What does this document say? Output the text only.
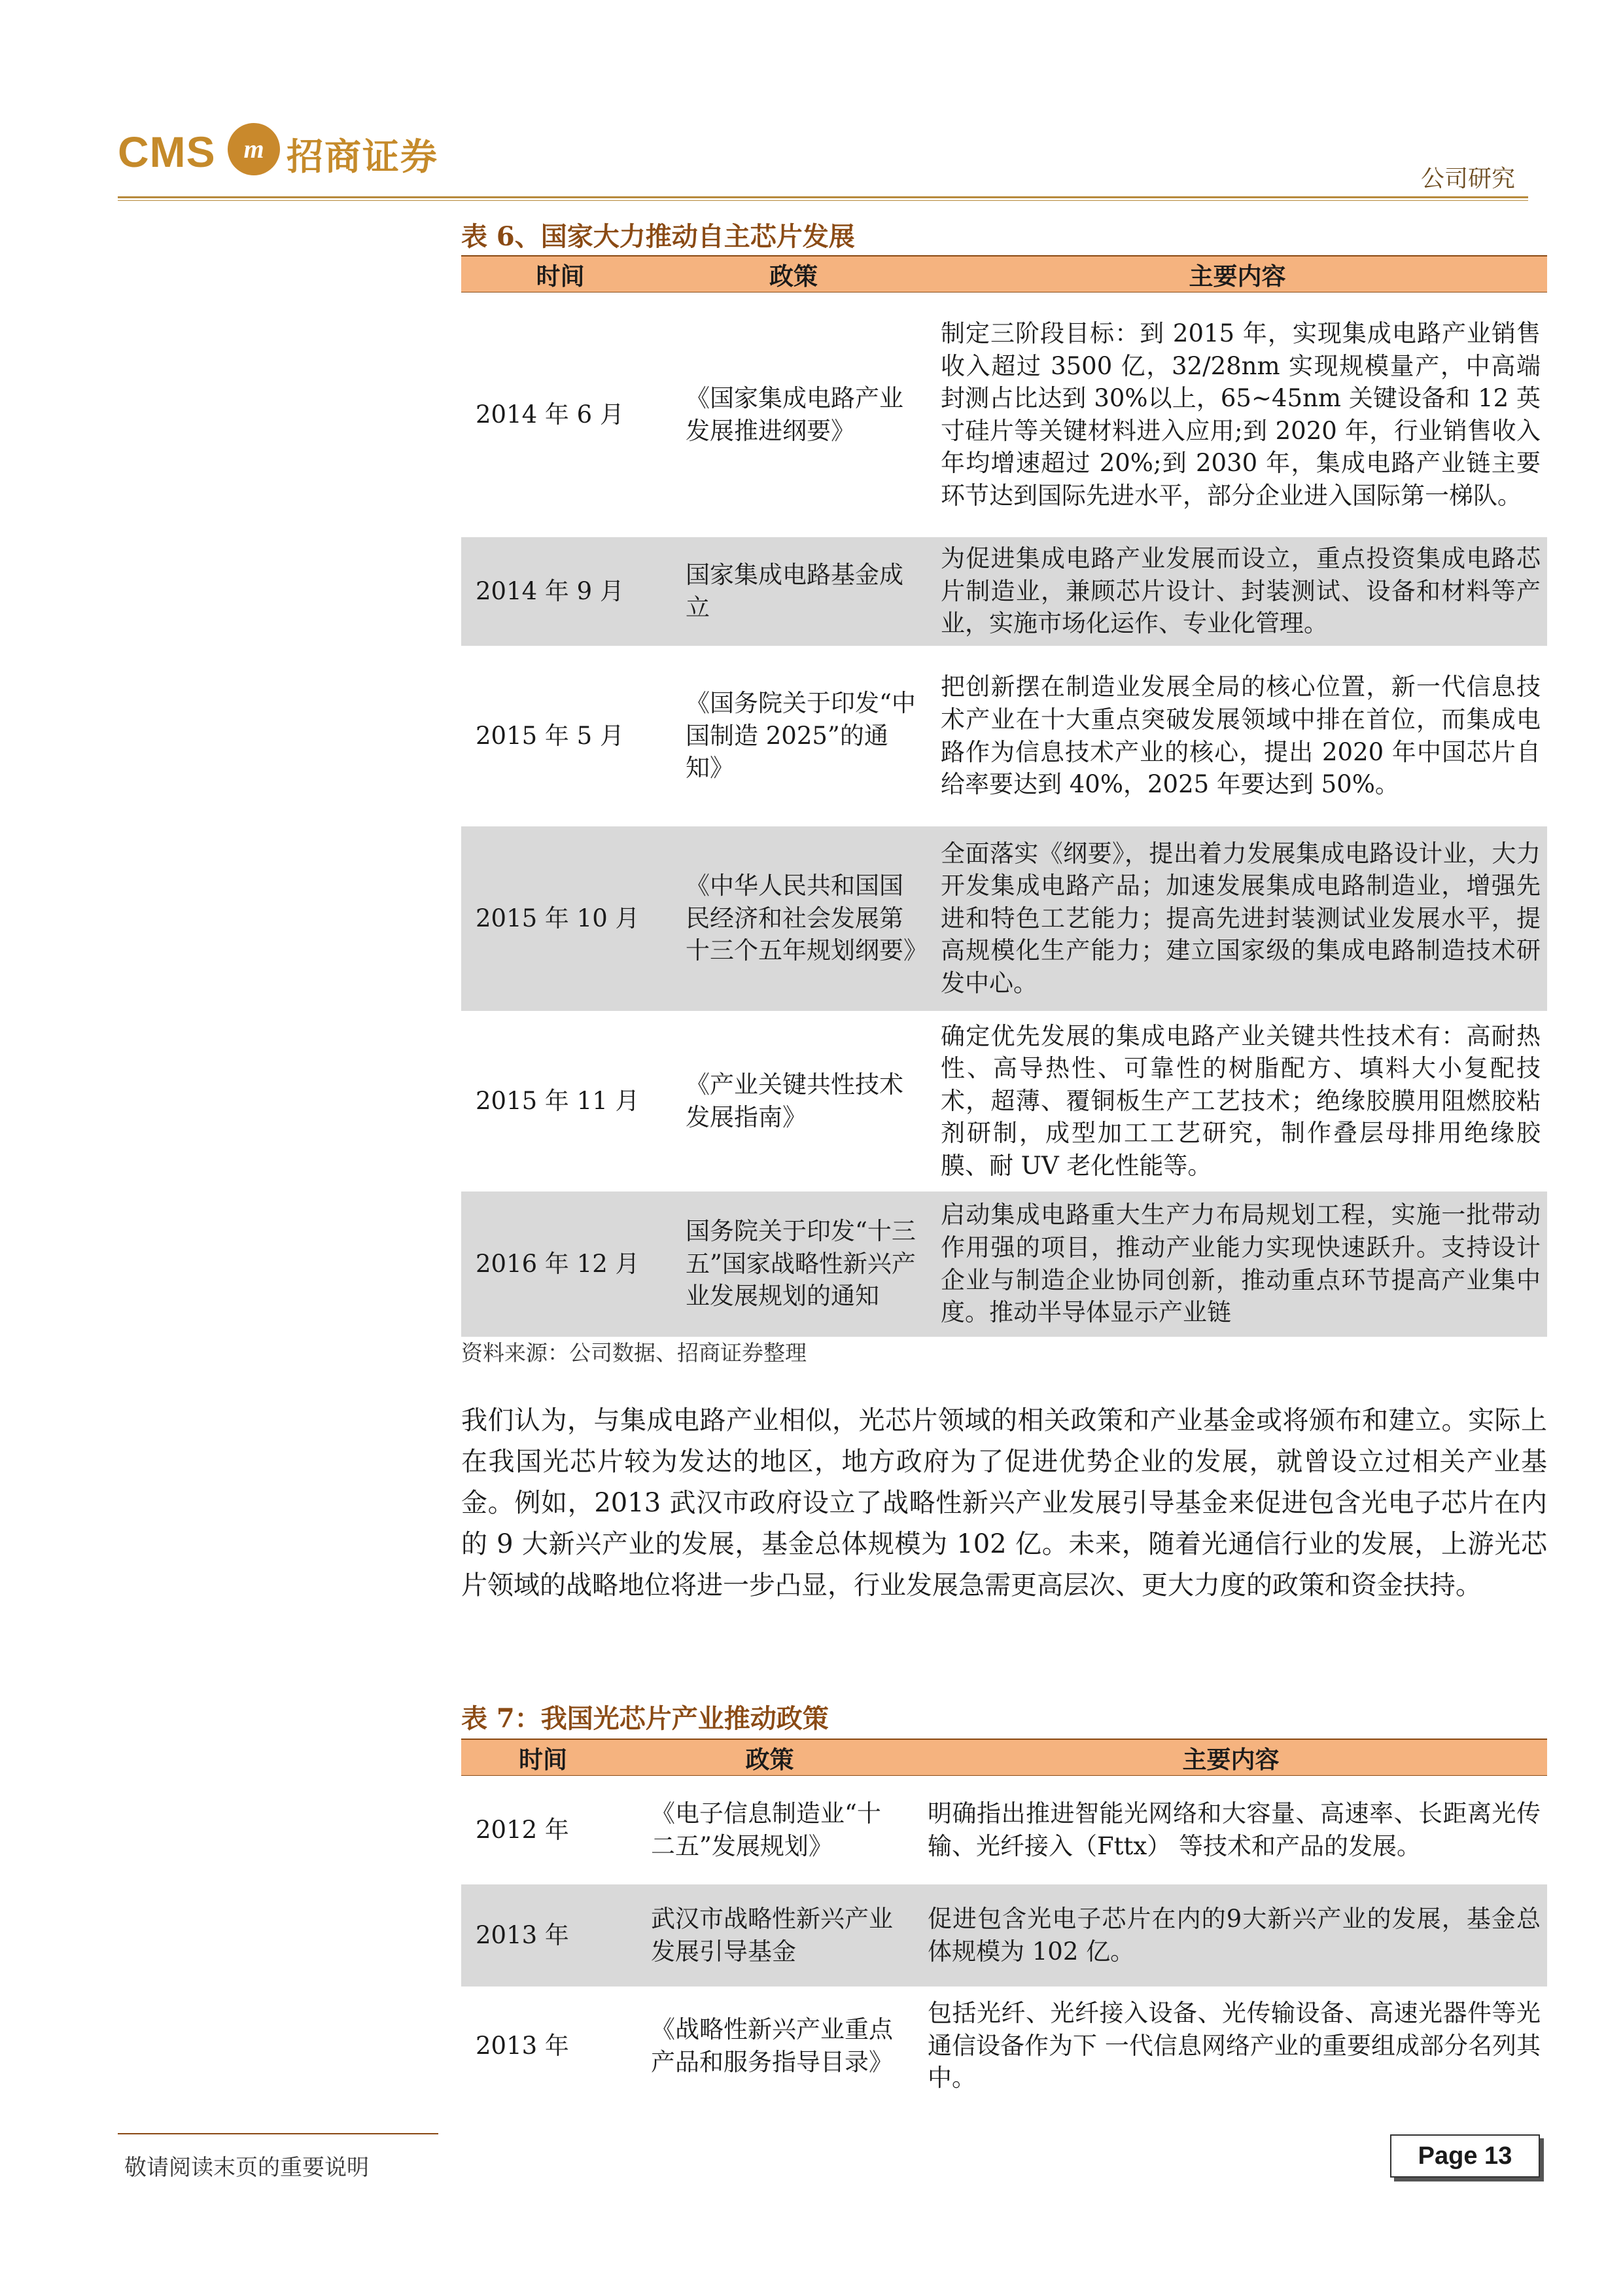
CMS	m 招商证券
公司研究
表 6、国家大力推动自主芯片发展
时间	政策	主要内容
2014 年 6 月	《国家集成电路产业发展推进纲要》	制定三阶段目标：到 2015 年，实现集成电路产业销售收入超过 3500 亿，32/28nm 实现规模量产，中高端封测占比达到 30%以上，65~45nm 关键设备和 12 英寸硅片等关键材料进入应用;到 2020 年，行业销售收入年均增速超过 20%;到 2030 年，集成电路产业链主要环节达到国际先进水平，部分企业进入国际第一梯队。
2014 年 9 月	国家集成电路基金成立	为促进集成电路产业发展而设立，重点投资集成电路芯片制造业，兼顾芯片设计、封装测试、设备和材料等产业，实施市场化运作、专业化管理。
2015 年 5 月	《国务院关于印发“中国制造 2025”的通知》	把创新摆在制造业发展全局的核心位置，新一代信息技术产业在十大重点突破发展领域中排在首位，而集成电路作为信息技术产业的核心，提出 2020 年中国芯片自给率要达到 40%，2025 年要达到 50%。
2015 年 10 月	《中华人民共和国国民经济和社会发展第十三个五年规划纲要》	全面落实《纲要》，提出着力发展集成电路设计业，大力开发集成电路产品；加速发展集成电路制造业，增强先进和特色工艺能力；提高先进封装测试业发展水平，提高规模化生产能力；建立国家级的集成电路制造技术研发中心。
2015 年 11 月	《产业关键共性技术发展指南》	确定优先发展的集成电路产业关键共性技术有：高耐热性、高导热性、可靠性的树脂配方、填料大小复配技术，超薄、覆铜板生产工艺技术；绝缘胶膜用阻燃胶粘剂研制，成型加工工艺研究，制作叠层母排用绝缘胶膜、耐 UV 老化性能等。
2016 年 12 月	国务院关于印发“十三五”国家战略性新兴产业发展规划的通知	启动集成电路重大生产力布局规划工程，实施一批带动作用强的项目，推动产业能力实现快速跃升。支持设计企业与制造企业协同创新，推动重点环节提高产业集中度。推动半导体显示产业链
资料来源：公司数据、招商证券整理
我们认为，与集成电路产业相似，光芯片领域的相关政策和产业基金或将颁布和建立。实际上在我国光芯片较为发达的地区，地方政府为了促进优势企业的发展，就曾设立过相关产业基金。例如，2013 武汉市政府设立了战略性新兴产业发展引导基金来促进包含光电子芯片在内的 9 大新兴产业的发展，基金总体规模为 102 亿。未来，随着光通信行业的发展，上游光芯片领域的战略地位将进一步凸显，行业发展急需更高层次、更大力度的政策和资金扶持。
表 7：我国光芯片产业推动政策
时间	政策	主要内容
2012 年	《电子信息制造业“十二五”发展规划》	明确指出推进智能光网络和大容量、高速率、长距离光传输、光纤接入（Fttx） 等技术和产品的发展。
2013 年	武汉市战略性新兴产业发展引导基金	促进包含光电子芯片在内的9大新兴产业的发展，基金总体规模为 102 亿。
2013 年	《战略性新兴产业重点产品和服务指导目录》	包括光纤、光纤接入设备、光传输设备、高速光器件等光通信设备作为下 一代信息网络产业的重要组成部分名列其中。
敬请阅读末页的重要说明	Page 13
